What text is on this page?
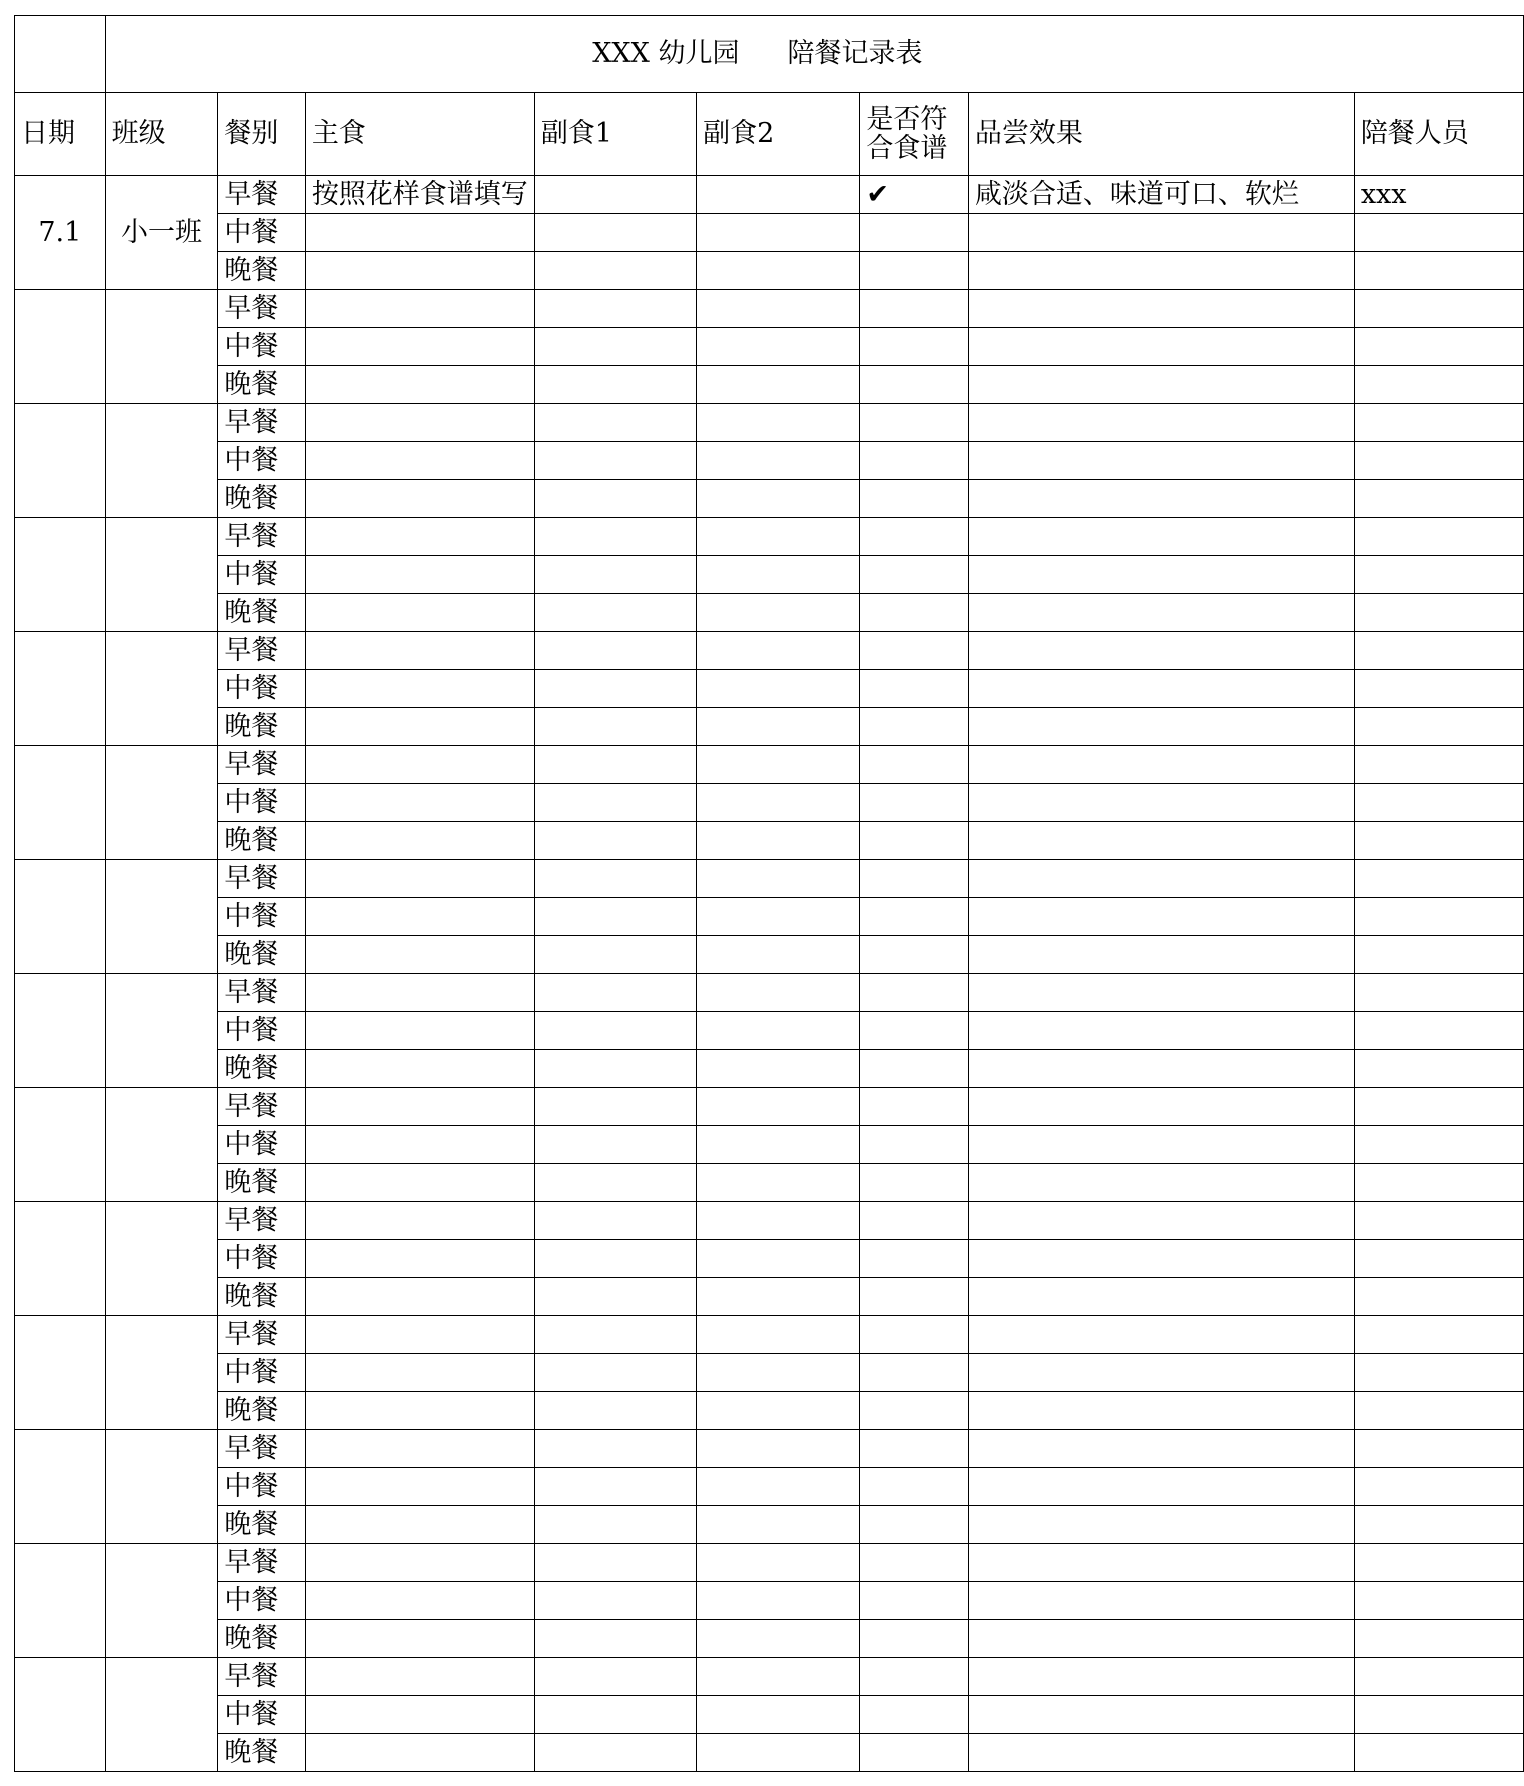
	XXX 幼儿园 陪餐记录表							
日期	班级	餐别	主食	副食1	副食2	是否符合食谱	品尝效果	陪餐人员
7.1	小一班	早餐	按照花样食谱填写			✔	咸淡合适、味道可口、软烂	xxx
		中餐						
		晚餐						
		早餐						
		中餐						
		晚餐						
		早餐						
		中餐						
		晚餐						
		早餐						
		中餐						
		晚餐						
		早餐						
		中餐						
		晚餐						
		早餐						
		中餐						
		晚餐						
		早餐						
		中餐						
		晚餐						
		早餐						
		中餐						
		晚餐						
		早餐						
		中餐						
		晚餐						
		早餐						
		中餐						
		晚餐						
		早餐						
		中餐						
		晚餐						
		早餐						
		中餐						
		晚餐						
		早餐						
		中餐						
		晚餐						
		早餐						
		中餐						
		晚餐						
